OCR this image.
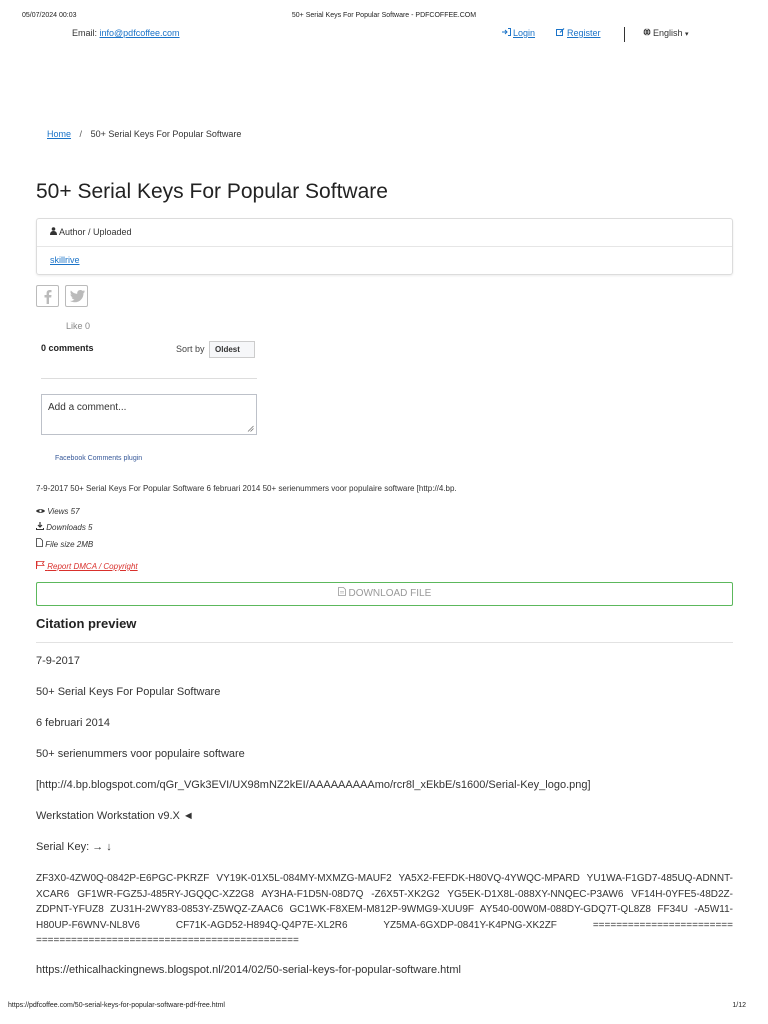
05/07/2024 00:03	50+ Serial Keys For Popular Software - PDFCOFFEE.COM
Email: info@pdfcoffee.com	Login	Register	English ▾
Home / 50+ Serial Keys For Popular Software
50+ Serial Keys For Popular Software
Author / Uploaded
skillrive

Like 0
0 comments	Sort by	Oldest
Add a comment...
Facebook Comments plugin

7-9-2017 50+ Serial Keys For Popular Software 6 februari 2014 50+ serienummers voor populaire software [http://4.bp.

Views 57
Downloads 5
File size 2MB
Report DMCA / Copyright
DOWNLOAD FILE
Citation preview

7-9-2017

50+ Serial Keys For Popular Software

6 februari 2014

50+ serienummers voor populaire software

[http://4.bp.blogspot.com/qGr_VGk3EVI/UX98mNZ2kEI/AAAAAAAAAmo/rcr8l_xEkbE/s1600/Serial-Key_logo.png]

Werkstation Workstation v9.X ◄

Serial Key: → ↓

ZF3X0-4ZW0Q-0842P-E6PGC-PKRZF VY19K-01X5L-084MY-MXMZG-MAUF2 YA5X2-FEFDK-H80VQ-4YWQC-MPARD YU1WA-F1GD7-485UQ-ADNNT-XCAR6 GF1WR-FGZ5J-485RY-JGQQC-XZ2G8 AY3HA-F1D5N-08D7Q -Z6X5T-XK2G2 YG5EK-D1X8L-088XY-NNQEC-P3AW6 VF14H-0YFE5-48D2Z-ZDPNT-YFUZ8 ZU31H-2WY83-0853Y-Z5WQZ-ZAAC6 GC1WK-F8XEM-M812P-9WMG9-XUU9F AY540-00W0M-088DY-GDQ7T-QL8Z8 FF34U -A5W11-H80UP-F6WNV-NL8V6 CF71K-AGD52-H894Q-Q4P7E-XL2R6 YZ5MA-6GXDP-0841Y-K4PNG-XK2ZF ======================== =============================================

https://ethicalhackingnews.blogspot.nl/2014/02/50-serial-keys-for-popular-software.html

https://pdfcoffee.com/50-serial-keys-for-popular-software-pdf-free.html	1/12
